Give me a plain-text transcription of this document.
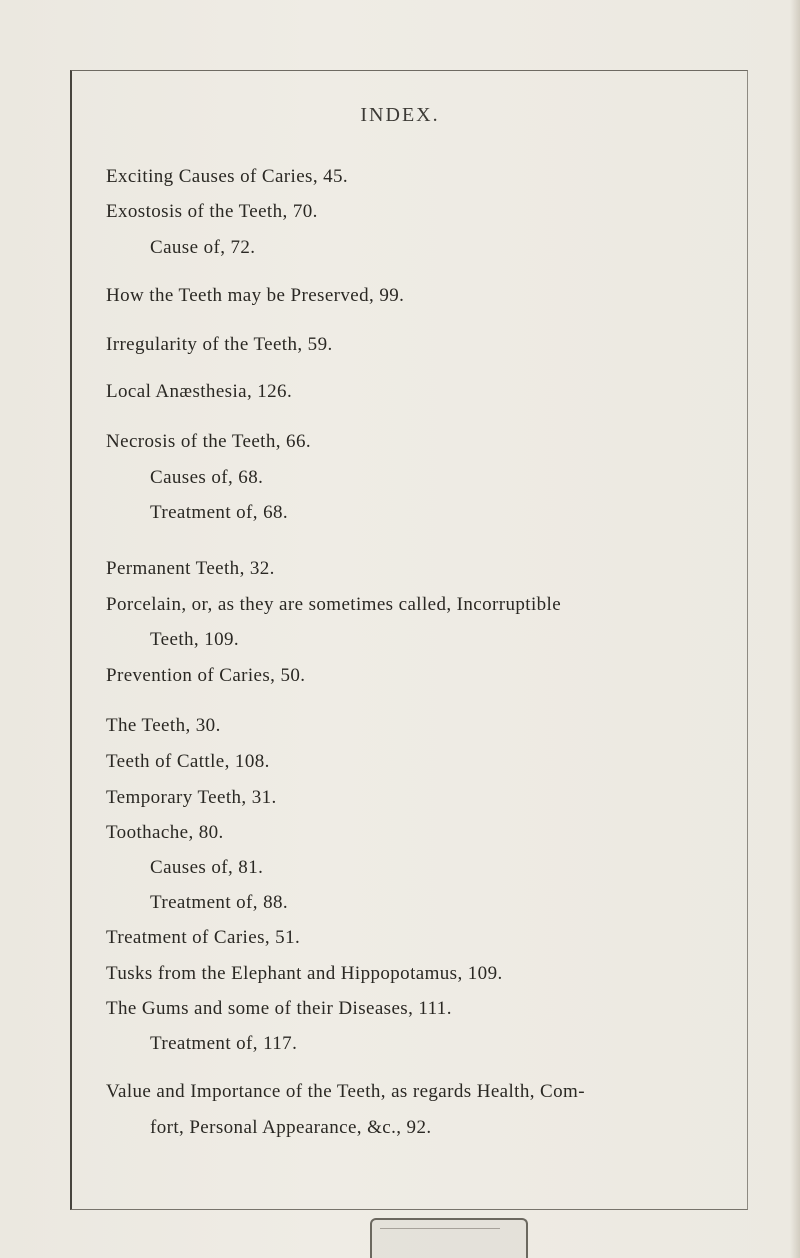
INDEX.
Exciting Causes of Caries, 45.
Exostosis of the Teeth, 70.
Cause of, 72.
How the Teeth may be Preserved, 99.
Irregularity of the Teeth, 59.
Local Anæsthesia, 126.
Necrosis of the Teeth, 66.
Causes of, 68.
Treatment of, 68.
Permanent Teeth, 32.
Porcelain, or, as they are sometimes called, Incorruptible
Teeth, 109.
Prevention of Caries, 50.
The Teeth, 30.
Teeth of Cattle, 108.
Temporary Teeth, 31.
Toothache, 80.
Causes of, 81.
Treatment of, 88.
Treatment of Caries, 51.
Tusks from the Elephant and Hippopotamus, 109.
The Gums and some of their Diseases, 111.
Treatment of, 117.
Value and Importance of the Teeth, as regards Health, Com-
fort, Personal Appearance, &c., 92.
